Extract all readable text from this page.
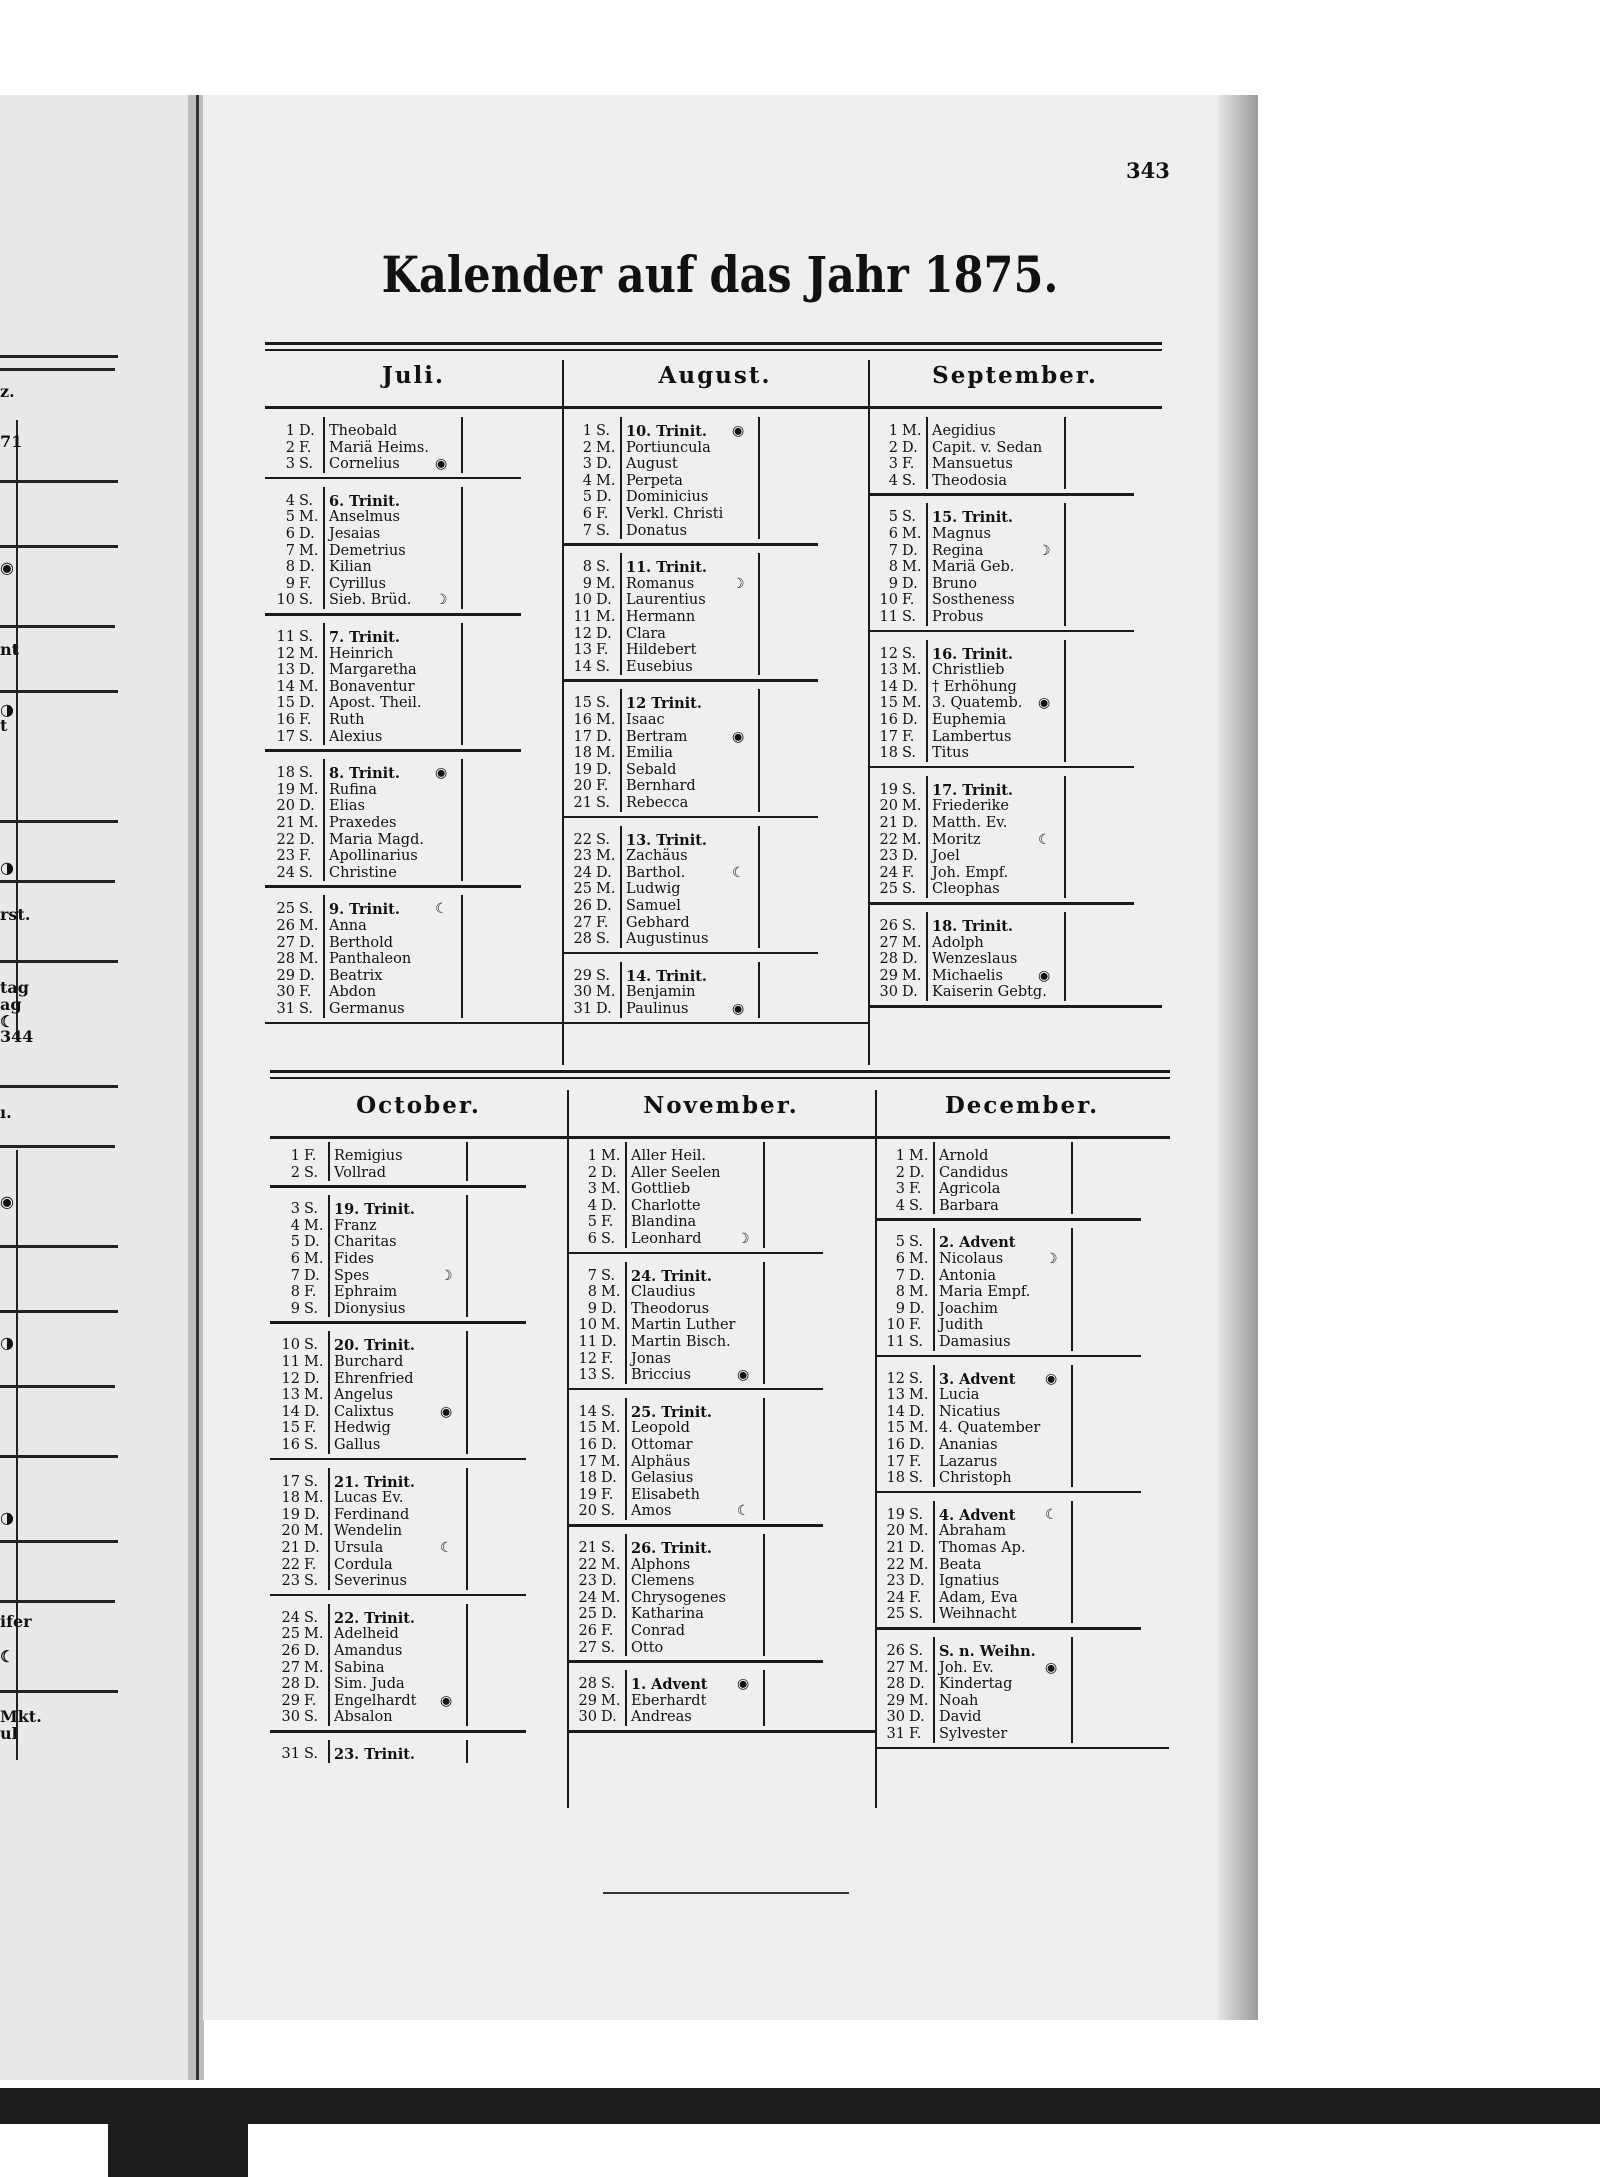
z.
71
◉
nt
◑
t
◑
rst.
tag
ag
☾
344
ı.
◉
◑
◑
ifer
☾
Mkt.
ul
343
Kalender auf das Jahr 1875.
Juli.
1 D. Theobald
2 F. Mariä Heims.
3 S. Cornelius	◉
4 S. 6. Trinit.
5 M. Anselmus
6 D. Jesaias
7 M. Demetrius
8 D. Kilian
9 F. Cyrillus
10 S. Sieb. Brüd. ☽
11 S. 7. Trinit.
12 M. Heinrich
13 D. Margaretha
14 M. Bonaventur
15 D. Apost. Theil.
16 F. Ruth
17 S. Alexius
18 S. 8. Trinit.	◉
19 M. Rufina
20 D. Elias
21 M. Praxedes
22 D. Maria Magd.
23 F. Apollinarius
24 S. Christine
25 S. 9. Trinit.	☾
26 M. Anna
27 D. Berthold
28 M. Panthaleon
29 D. Beatrix
30 F. Abdon
31 S. Germanus
August.
1 S. 10. Trinit. ◉
2 M. Portiuncula
3 D. August
4 M. Perpeta
5 D. Dominicius
6 F. Verkl. Christi
7 S. Donatus
8 S. 11. Trinit.
9 M. Romanus	☽
10 D. Laurentius
11 M. Hermann
12 D. Clara
13 F. Hildebert
14 S. Eusebius
15 S. 12 Trinit.
16 M. Isaac
17 D. Bertram	◉
18 M. Emilia
19 D. Sebald
20 F. Bernhard
21 S. Rebecca
22 S. 13. Trinit.
23 M. Zachäus
24 D. Barthol.	☾
25 M. Ludwig
26 D. Samuel
27 F. Gebhard
28 S. Augustinus
29 S. 14. Trinit.
30 M. Benjamin
31 D. Paulinus	◉
September.
1 M. Aegidius
2 D. Capit. v. Sedan
3 F. Mansuetus
4 S. Theodosia
5 S. 15. Trinit.
6 M. Magnus
7 D. Regina	☽
8 M. Mariä Geb.
9 D. Bruno
10 F. Sostheness
11 S. Probus
12 S. 16. Trinit.
13 M. Christlieb
14 D. † Erhöhung
15 M. 3. Quatemb. ◉
16 D. Euphemia
17 F. Lambertus
18 S. Titus
19 S. 17. Trinit.
20 M. Friederike
21 D. Matth. Ev.
22 M. Moritz	☾
23 D. Joel
24 F. Joh. Empf.
25 S. Cleophas
26 S. 18. Trinit.
27 M. Adolph
28 D. Wenzeslaus
29 M. Michaelis	◉
30 D. Kaiserin Gebtg.
October.
1 F. Remigius
2 S. Vollrad
3 S. 19. Trinit.
4 M. Franz
5 D. Charitas
6 M. Fides
7 D. Spes	☽
8 F. Ephraim
9 S. Dionysius
10 S. 20. Trinit.
11 M. Burchard
12 D. Ehrenfried
13 M. Angelus
14 D. Calixtus	◉
15 F. Hedwig
16 S. Gallus
17 S. 21. Trinit.
18 M. Lucas Ev.
19 D. Ferdinand
20 M. Wendelin
21 D. Ursula	☾
22 F. Cordula
23 S. Severinus
24 S. 22. Trinit.
25 M. Adelheid
26 D. Amandus
27 M. Sabina
28 D. Sim. Juda
29 F. Engelhardt ◉
30 S. Absalon
31 S. 23. Trinit.
November.
1 M. Aller Heil.
2 D. Aller Seelen
3 M. Gottlieb
4 D. Charlotte
5 F. Blandina
6 S. Leonhard	☽
7 S. 24. Trinit.
8 M. Claudius
9 D. Theodorus
10 M. Martin Luther
11 D. Martin Bisch.
12 F. Jonas
13 S. Briccius	◉
14 S. 25. Trinit.
15 M. Leopold
16 D. Ottomar
17 M. Alphäus
18 D. Gelasius
19 F. Elisabeth
20 S. Amos	☾
21 S. 26. Trinit.
22 M. Alphons
23 D. Clemens
24 M. Chrysogenes
25 D. Katharina
26 F. Conrad
27 S. Otto
28 S. 1. Advent ◉
29 M. Eberhardt
30 D. Andreas
December.
1 M. Arnold
2 D. Candidus
3 F. Agricola
4 S. Barbara
5 S. 2. Advent
6 M. Nicolaus	☽
7 D. Antonia
8 M. Maria Empf.
9 D. Joachim
10 F. Judith
11 S. Damasius
12 S. 3. Advent ◉
13 M. Lucia
14 D. Nicatius
15 M. 4. Quatember
16 D. Ananias
17 F. Lazarus
18 S. Christoph
19 S. 4. Advent ☾
20 M. Abraham
21 D. Thomas Ap.
22 M. Beata
23 D. Ignatius
24 F. Adam, Eva
25 S. Weihnacht
26 S. S. n. Weihn.
27 M. Joh. Ev.	◉
28 D. Kindertag
29 M. Noah
30 D. David
31 F. Sylvester
